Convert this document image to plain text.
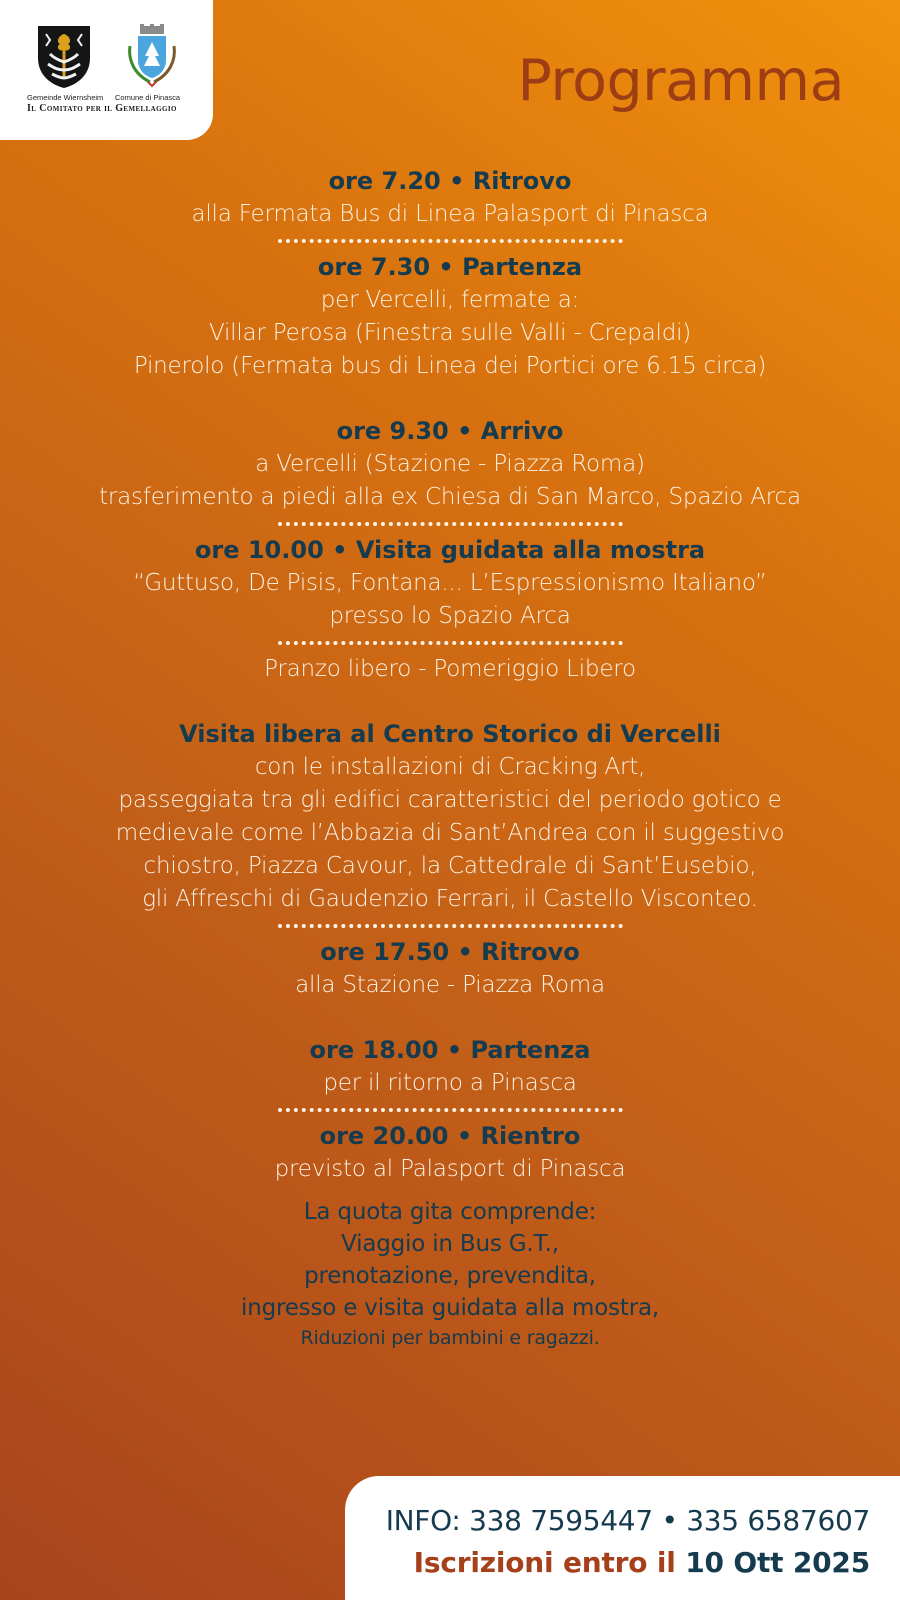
Gemeinde Wiernsheim Comune di Pinasca
Il Comitato per il Gemellaggio	Programma
ore 7.20 • Ritrovo
alla Fermata Bus di Linea Palasport di Pinasca
ore 7.30 • Partenza
per Vercelli, fermate a:
Villar Perosa (Finestra sulle Valli - Crepaldi)
Pinerolo (Fermata bus di Linea dei Portici ore 6.15 circa)
ore 9.30 • Arrivo
a Vercelli (Stazione - Piazza Roma)
trasferimento a piedi alla ex Chiesa di San Marco, Spazio Arca
ore 10.00 • Visita guidata alla mostra
“Guttuso, De Pisis, Fontana... L’Espressionismo Italiano”
presso lo Spazio Arca
Pranzo libero - Pomeriggio Libero
Visita libera al Centro Storico di Vercelli
con le installazioni di Cracking Art,
passeggiata tra gli edifici caratteristici del periodo gotico e
medievale come l’Abbazia di Sant’Andrea con il suggestivo
chiostro, Piazza Cavour, la Cattedrale di Sant’Eusebio,
gli Affreschi di Gaudenzio Ferrari, il Castello Visconteo.
ore 17.50 • Ritrovo
alla Stazione - Piazza Roma
ore 18.00 • Partenza
per il ritorno a Pinasca
ore 20.00 • Rientro
previsto al Palasport di Pinasca
La quota gita comprende:
Viaggio in Bus G.T.,
prenotazione, prevendita,
ingresso e visita guidata alla mostra,
Riduzioni per bambini e ragazzi.
INFO: 338 7595447 • 335 6587607
Iscrizioni entro il 10 Ott 2025
